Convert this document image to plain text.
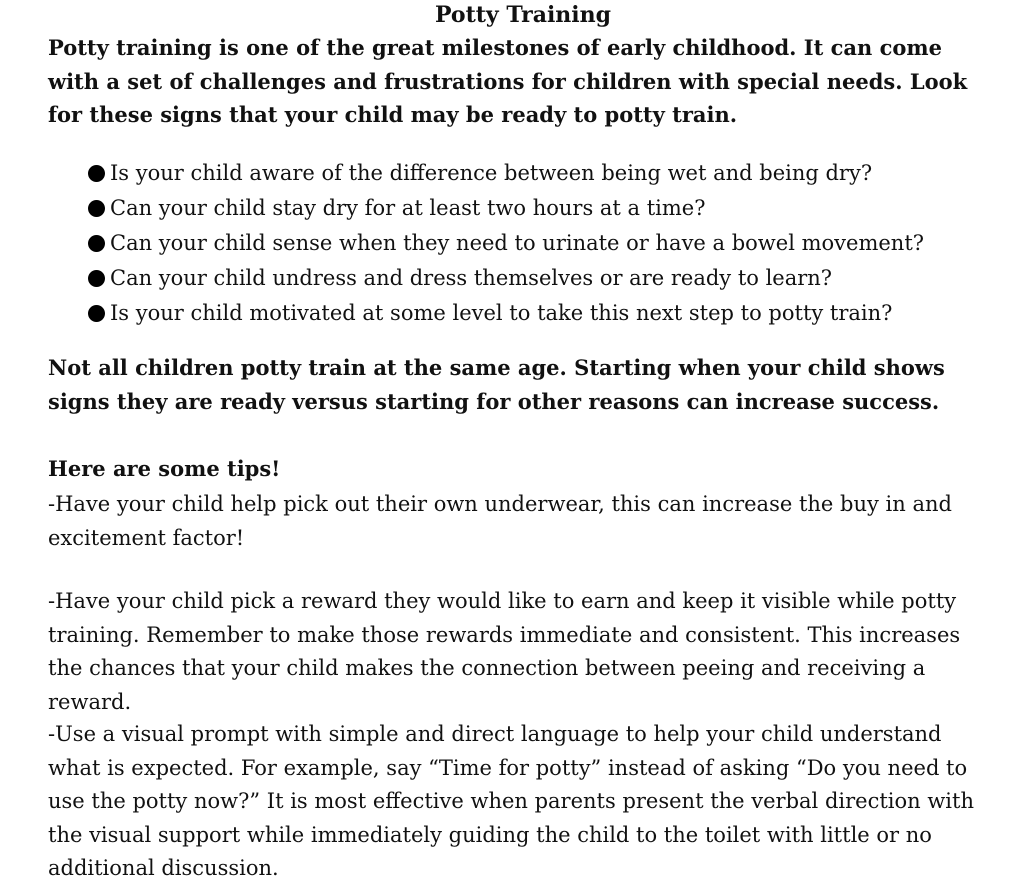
Potty Training

Potty training is one of the great milestones of early childhood. It can come with a set of challenges and frustrations for children with special needs. Look for these signs that your child may be ready to potty train.

Is your child aware of the difference between being wet and being dry?
Can your child stay dry for at least two hours at a time?
Can your child sense when they need to urinate or have a bowel movement?
Can your child undress and dress themselves or are ready to learn?
Is your child motivated at some level to take this next step to potty train?

Not all children potty train at the same age. Starting when your child shows signs they are ready versus starting for other reasons can increase success.

Here are some tips!

-Have your child help pick out their own underwear, this can increase the buy in and excitement factor!

-Have your child pick a reward they would like to earn and keep it visible while potty training. Remember to make those rewards immediate and consistent. This increases the chances that your child makes the connection between peeing and receiving a reward.

-Use a visual prompt with simple and direct language to help your child understand what is expected. For example, say “Time for potty” instead of asking “Do you need to use the potty now?” It is most effective when parents present the verbal direction with the visual support while immediately guiding the child to the toilet with little or no additional discussion.
